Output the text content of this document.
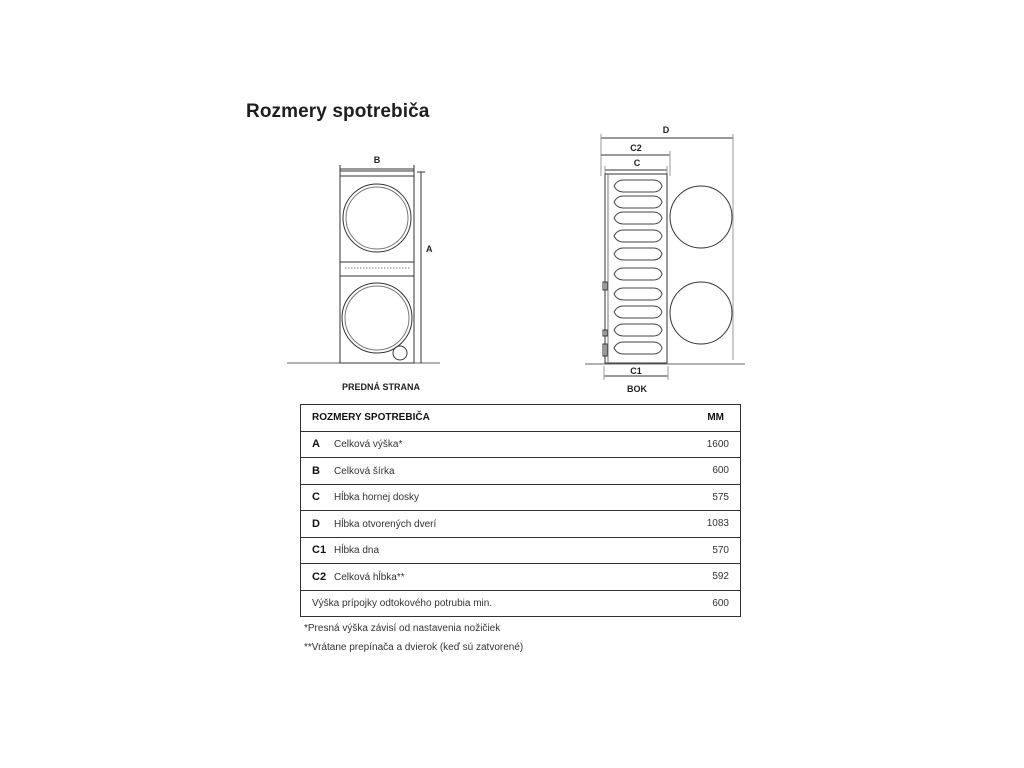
Rozmery spotrebiča
B
A
PREDNÁ STRANA
D
C2
C
C1
BOK
ROZMERY SPOTREBIČA	MM
A Celková výška*	1600
B Celková šírka	600
C Hĺbka hornej dosky	575
D Hĺbka otvorených dverí	1083
C1 Hĺbka dna	570
C2 Celková hĺbka**	592
Výška prípojky odtokového potrubia min.	600
*Presná výška závisí od nastavenia nožičiek
**Vrátane prepínača a dvierok (keď sú zatvorené)
